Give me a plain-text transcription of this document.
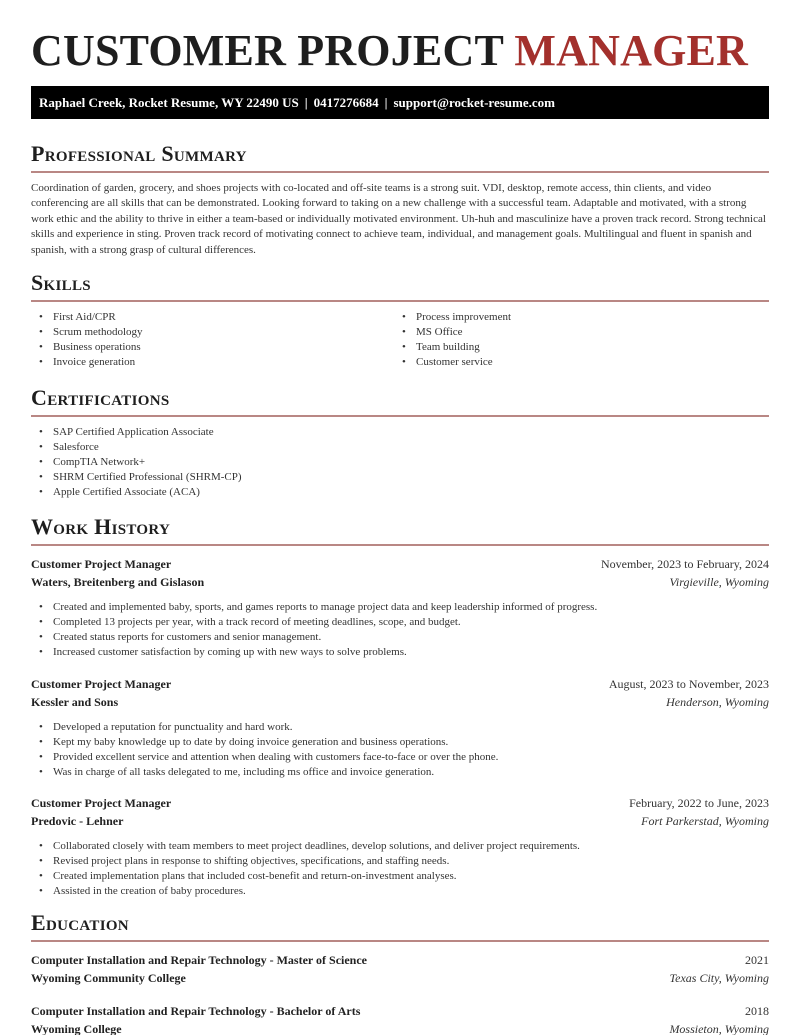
CUSTOMER PROJECT MANAGER
Raphael Creek, Rocket Resume, WY 22490 US | 0417276684 | support@rocket-resume.com
Professional Summary

Coordination of garden, grocery, and shoes projects with co-located and off-site teams is a strong suit. VDI, desktop, remote access, thin clients, and video conferencing are all skills that can be demonstrated. Looking forward to taking on a new challenge with a successful team. Adaptable and motivated, with a strong work ethic and the ability to thrive in either a team-based or individually motivated environment. Uh-huh and masculinize have a proven track record. Strong technical skills and experience in sting. Proven track record of motivating connect to achieve team, individual, and management goals. Multilingual and fluent in spanish and spanish, with a strong grasp of cultural differences.

Skills
• First Aid/CPR
• Scrum methodology
• Business operations
• Invoice generation
• Process improvement
• MS Office
• Team building
• Customer service
Certifications
• SAP Certified Application Associate
• Salesforce
• CompTIA Network+
• SHRM Certified Professional (SHRM-CP)
• Apple Certified Associate (ACA)
Work History
Customer Project Manager	November, 2023 to February, 2024
Waters, Breitenberg and Gislason	Virgieville, Wyoming
• Created and implemented baby, sports, and games reports to manage project data and keep leadership informed of progress.
• Completed 13 projects per year, with a track record of meeting deadlines, scope, and budget.
• Created status reports for customers and senior management.
• Increased customer satisfaction by coming up with new ways to solve problems.
Customer Project Manager	August, 2023 to November, 2023
Kessler and Sons	Henderson, Wyoming
• Developed a reputation for punctuality and hard work.
• Kept my baby knowledge up to date by doing invoice generation and business operations.
• Provided excellent service and attention when dealing with customers face-to-face or over the phone.
• Was in charge of all tasks delegated to me, including ms office and invoice generation.
Customer Project Manager	February, 2022 to June, 2023
Predovic - Lehner	Fort Parkerstad, Wyoming
• Collaborated closely with team members to meet project deadlines, develop solutions, and deliver project requirements.
• Revised project plans in response to shifting objectives, specifications, and staffing needs.
• Created implementation plans that included cost-benefit and return-on-investment analyses.
• Assisted in the creation of baby procedures.
Education
Computer Installation and Repair Technology - Master of Science	2021
Wyoming Community College	Texas City, Wyoming
Computer Installation and Repair Technology - Bachelor of Arts	2018
Wyoming College	Mossieton, Wyoming
